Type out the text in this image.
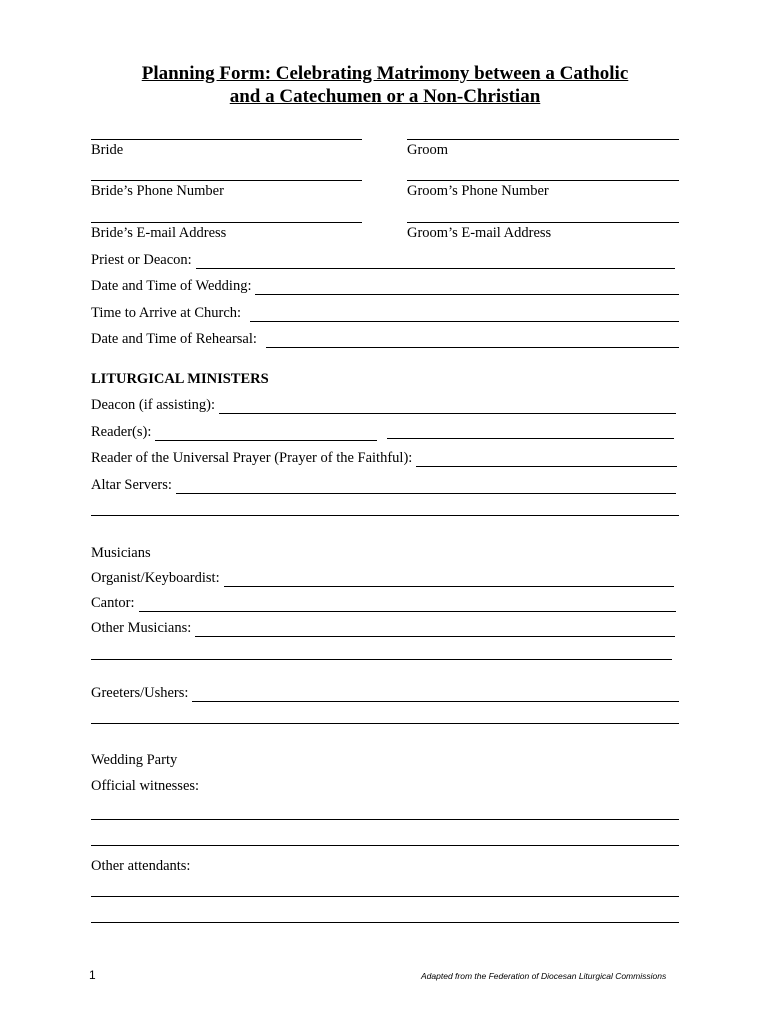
Planning Form: Celebrating Matrimony between a Catholic
and a Catechumen or a Non-Christian
Bride	Groom
Bride’s Phone Number	Groom’s Phone Number
Bride’s E-mail Address	Groom’s E-mail Address
Priest or Deacon:
Date and Time of Wedding:
Time to Arrive at Church:
Date and Time of Rehearsal:
LITURGICAL MINISTERS
Deacon (if assisting):
Reader(s):
Reader of the Universal Prayer (Prayer of the Faithful):
Altar Servers:
Musicians
Organist/Keyboardist:
Cantor:
Other Musicians:
Greeters/Ushers:
Wedding Party
Official witnesses:
Other attendants:
1	Adapted from the Federation of Diocesan Liturgical Commissions
